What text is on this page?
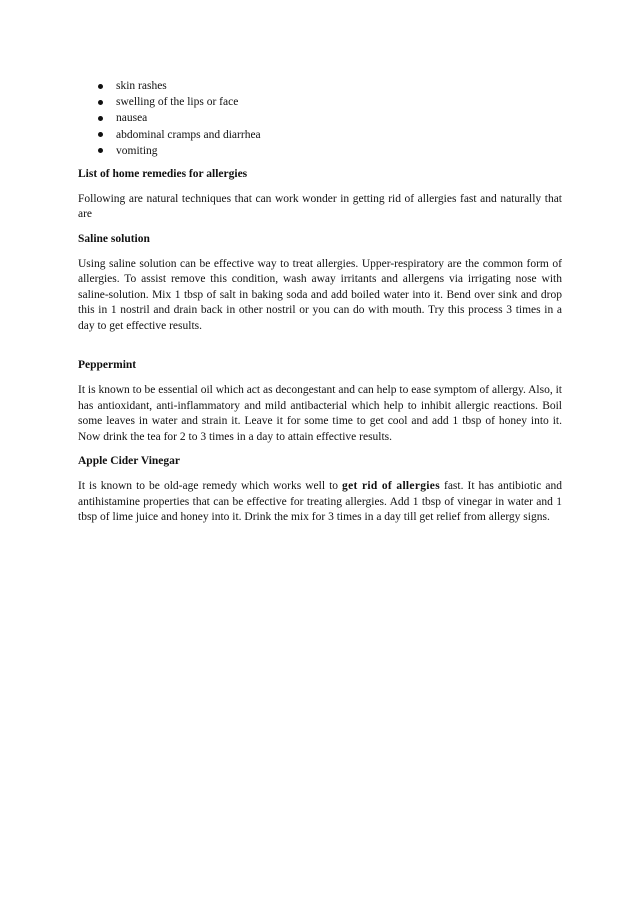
skin rashes
swelling of the lips or face
nausea
abdominal cramps and diarrhea
vomiting

List of home remedies for allergies

Following are natural techniques that can work wonder in getting rid of allergies fast and naturally that are

Saline solution

Using saline solution can be effective way to treat allergies. Upper-respiratory are the common form of allergies. To assist remove this condition, wash away irritants and allergens via irrigating nose with saline-solution. Mix 1 tbsp of salt in baking soda and add boiled water into it. Bend over sink and drop this in 1 nostril and drain back in other nostril or you can do with mouth. Try this process 3 times in a day to get effective results.

Peppermint

It is known to be essential oil which act as decongestant and can help to ease symptom of allergy. Also, it has antioxidant, anti-inflammatory and mild antibacterial which help to inhibit allergic reactions. Boil some leaves in water and strain it. Leave it for some time to get cool and add 1 tbsp of honey into it. Now drink the tea for 2 to 3 times in a day to attain effective results.

Apple Cider Vinegar

It is known to be old-age remedy which works well to get rid of allergies fast. It has antibiotic and antihistamine properties that can be effective for treating allergies. Add 1 tbsp of vinegar in water and 1 tbsp of lime juice and honey into it. Drink the mix for 3 times in a day till get relief from allergy signs.
